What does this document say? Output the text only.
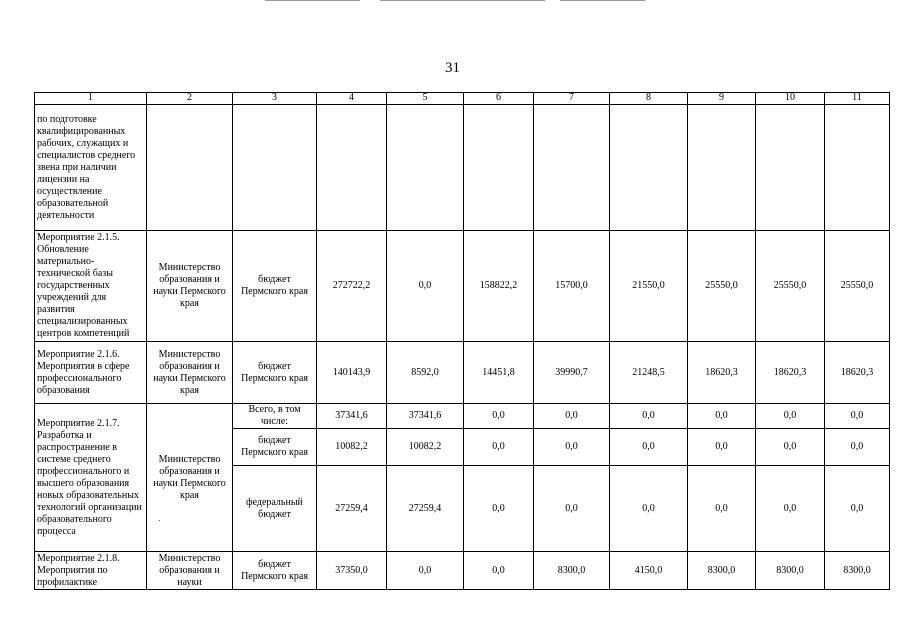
31
1	2	3	4	5	6	7	8	9	10	11
по подготовке квалифицированных рабочих, служащих и специалистов среднего звена при наличии лицензии на осуществление образовательной деятельности										
Мероприятие 2.1.5. Обновление материально-технической базы государственных учреждений для развития специализированных центров компетенций	Министерство образования и науки Пермского края	бюджет Пермского края	272722,2	0,0	158822,2	15700,0	21550,0	25550,0	25550,0	25550,0
Мероприятие 2.1.6. Мероприятия в сфере профессионального образования	Министерство образования и науки Пермского края	бюджет Пермского края	140143,9	8592,0	14451,8	39990,7	21248,5	18620,3	18620,3	18620,3
Мероприятие 2.1.7. Разработка и распространение в системе среднего профессионального и высшего образования новых образовательных технологий организации образовательного процесса	Министерство образования и науки Пермского края	Всего, в том числе:	37341,6	37341,6	0,0	0,0	0,0	0,0	0,0	0,0
		бюджет Пермского края	10082,2	10082,2	0,0	0,0	0,0	0,0	0,0	0,0
		федеральный бюджет	27259,4	27259,4	0,0	0,0	0,0	0,0	0,0	0,0
Мероприятие 2.1.8. Мероприятия по профилактике	Министерство образования и науки	бюджет Пермского края	37350,0	0,0	0,0	8300,0	4150,0	8300,0	8300,0	8300,0
